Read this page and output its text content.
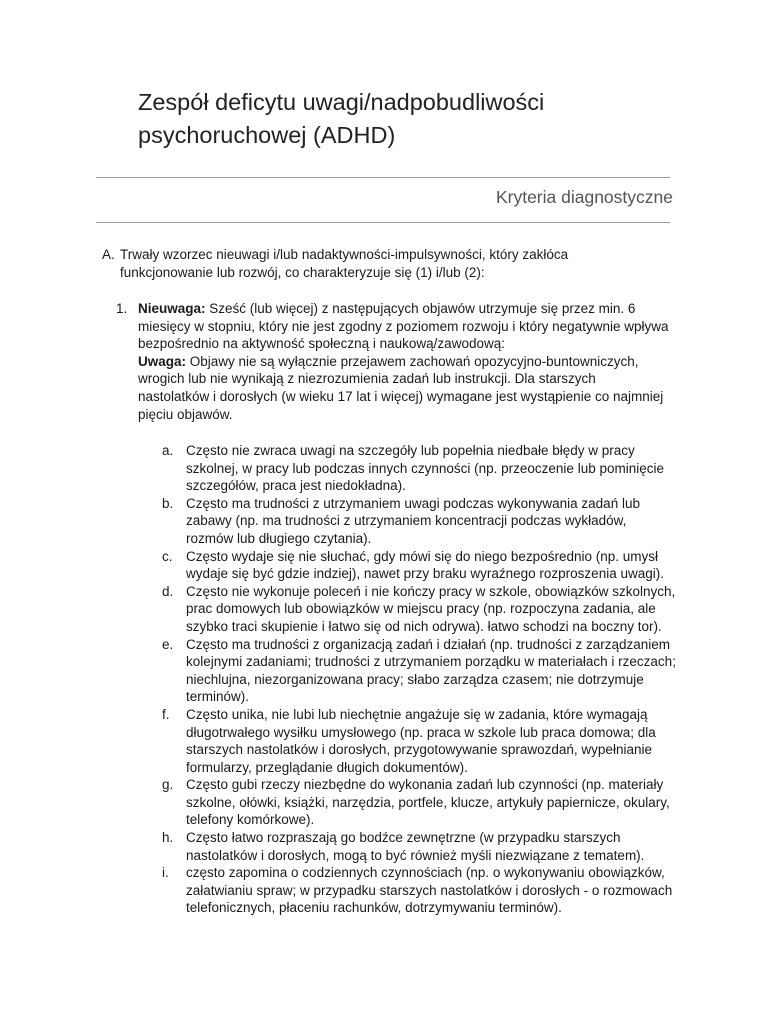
Zespół deficytu uwagi/nadpobudliwości psychoruchowej (ADHD)
Kryteria diagnostyczne
A. Trwały wzorzec nieuwagi i/lub nadaktywności-impulsywności, który zakłóca funkcjonowanie lub rozwój, co charakteryzuje się (1) i/lub (2):
1. Nieuwaga: Sześć (lub więcej) z następujących objawów utrzymuje się przez min. 6 miesięcy w stopniu, który nie jest zgodny z poziomem rozwoju i który negatywnie wpływa bezpośrednio na aktywność społeczną i naukową/zawodową:
Uwaga: Objawy nie są wyłącznie przejawem zachowań opozycyjno-buntowniczych, wrogich lub nie wynikają z niezrozumienia zadań lub instrukcji. Dla starszych nastolatków i dorosłych (w wieku 17 lat i więcej) wymagane jest wystąpienie co najmniej pięciu objawów.
a. Często nie zwraca uwagi na szczegóły lub popełnia niedbałe błędy w pracy szkolnej, w pracy lub podczas innych czynności (np. przeoczenie lub pominięcie szczegółów, praca jest niedokładna).
b. Często ma trudności z utrzymaniem uwagi podczas wykonywania zadań lub zabawy (np. ma trudności z utrzymaniem koncentracji podczas wykładów, rozmów lub długiego czytania).
c. Często wydaje się nie słuchać, gdy mówi się do niego bezpośrednio (np. umysł wydaje się być gdzie indziej), nawet przy braku wyraźnego rozproszenia uwagi).
d. Często nie wykonuje poleceń i nie kończy pracy w szkole, obowiązków szkolnych, prac domowych lub obowiązków w miejscu pracy (np. rozpoczyna zadania, ale szybko traci skupienie i łatwo się od nich odrywa). łatwo schodzi na boczny tor).
e. Często ma trudności z organizacją zadań i działań (np. trudności z zarządzaniem kolejnymi zadaniami; trudności z utrzymaniem porządku w materiałach i rzeczach; niechlujna, niezorganizowana pracy; słabo zarządza czasem; nie dotrzymuje terminów).
f.	Często unika, nie lubi lub niechętnie angażuje się w zadania, które wymagają długotrwałego wysiłku umysłowego (np. praca w szkole lub praca domowa; dla starszych nastolatków i dorosłych, przygotowywanie sprawozdań, wypełnianie formularzy, przeglądanie długich dokumentów).
g. Często gubi rzeczy niezbędne do wykonania zadań lub czynności (np. materiały szkolne, ołówki, książki, narzędzia, portfele, klucze, artykuły papiernicze, okulary, telefony komórkowe).
h. Często łatwo rozpraszają go bodźce zewnętrzne (w przypadku starszych nastolatków i dorosłych, mogą to być również myśli niezwiązane z tematem).
i.	często zapomina o codziennych czynnościach (np. o wykonywaniu obowiązków, załatwianiu spraw; w przypadku starszych nastolatków i dorosłych - o rozmowach telefonicznych, płaceniu rachunków, dotrzymywaniu terminów).
